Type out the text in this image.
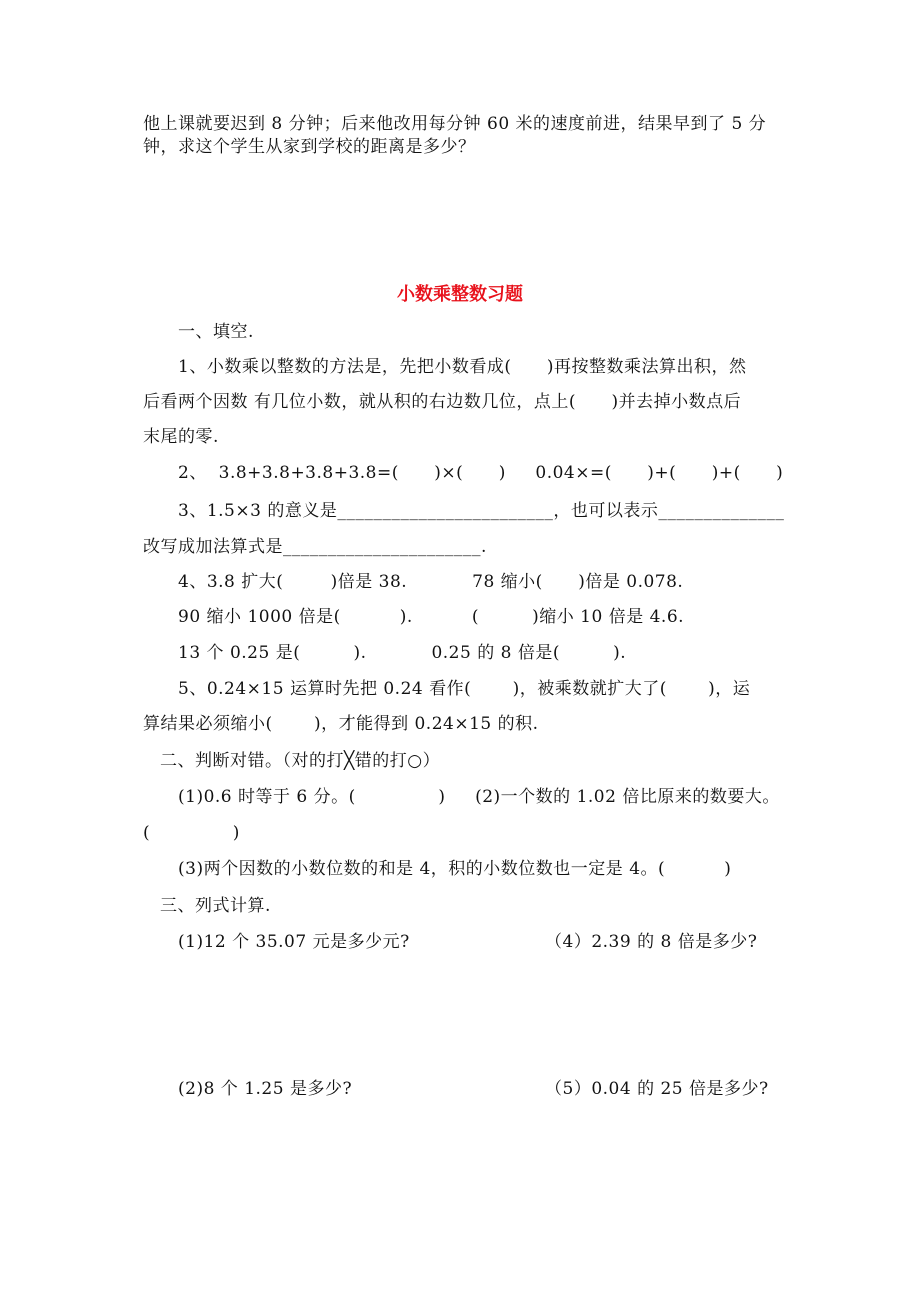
他上课就要迟到 8 分钟；后来他改用每分钟 60 米的速度前进，结果早到了 5 分
钟，求这个学生从家到学校的距离是多少？
小数乘整数习题
一、填空.
1、小数乘以整数的方法是，先把小数看成(      )再按整数乘法算出积，然
后看两个因数 有几位小数，就从积的右边数几位，点上(      )并去掉小数点后
末尾的零.
2、  3.8+3.8+3.8+3.8=(      )×(      )     0.04×=(      )+(      )+(      )
3、1.5×3 的意义是________________________，也可以表示______________
改写成加法算式是______________________.
4、3.8 扩大(        )倍是 38.           78 缩小(      )倍是 0.078.
90 缩小 1000 倍是(          ).          (         )缩小 10 倍是 4.6.
13 个 0.25 是(         ).           0.25 的 8 倍是(         ).
5、0.24×15 运算时先把 0.24 看作(       )，被乘数就扩大了(       )，运
算结果必须缩小(       )，才能得到 0.24×15 的积.
二、判断对错。（对的打╳错的打○）
(1)0.6 时等于 6 分。(              )     (2)一个数的 1.02 倍比原来的数要大。
(              )
(3)两个因数的小数位数的和是 4，积的小数位数也一定是 4。(          )
三、列式计算.
(1)12 个 35.07 元是多少元?	（4）2.39 的 8 倍是多少?
(2)8 个 1.25 是多少?	（5）0.04 的 25 倍是多少?
